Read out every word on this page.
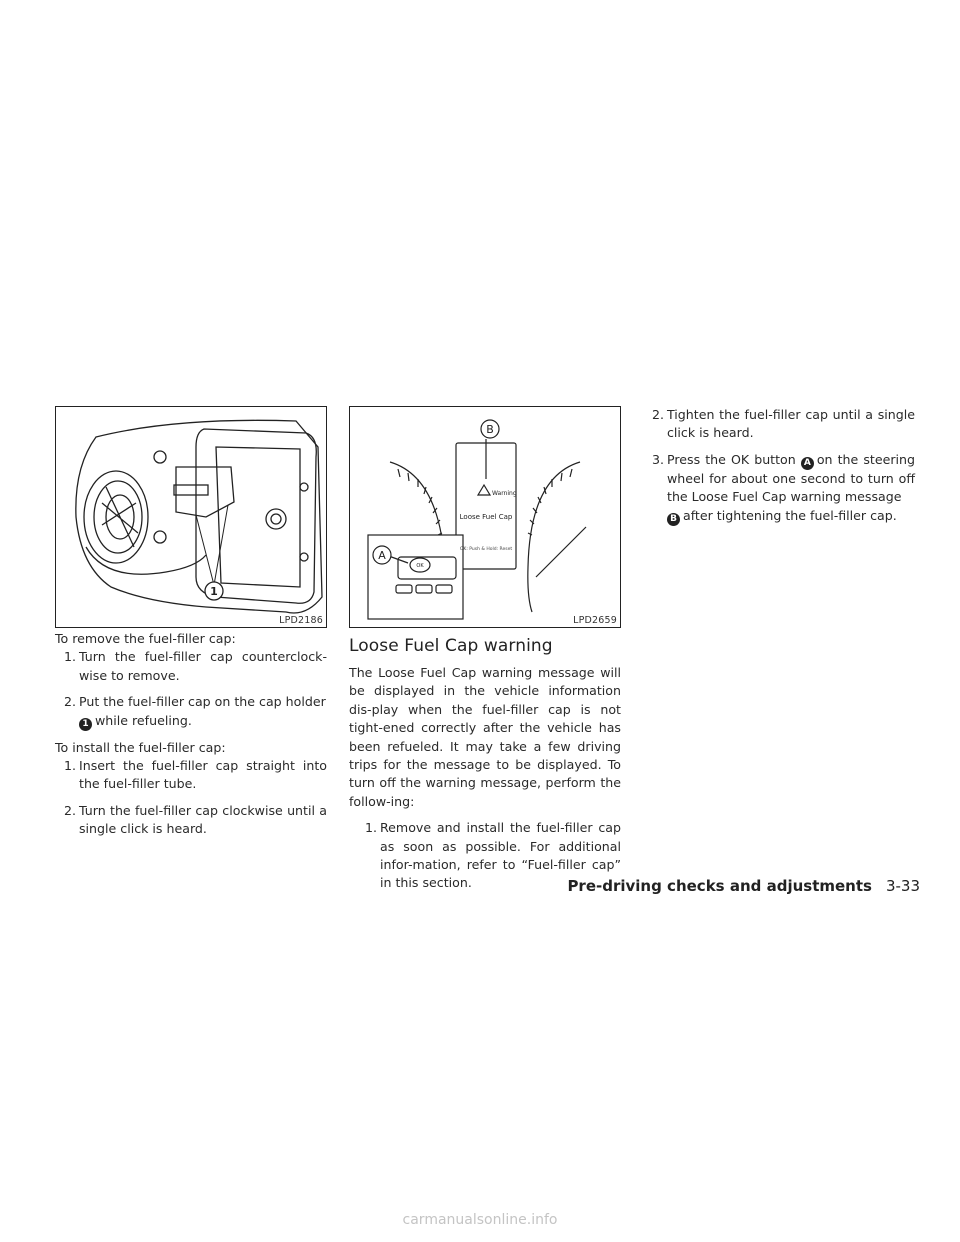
1
LPD2186

To remove the fuel-filler cap:

1. Turn the fuel-filler cap counterclock-wise to remove.
2. Put the fuel-filler cap on the cap holder
1 while refueling.

To install the fuel-filler cap:

1. Insert the fuel-filler cap straight into the fuel-filler tube.
2. Turn the fuel-filler cap clockwise until a single click is heard.
B
A
Warning
Loose Fuel Cap
OK: Push & Hold: Reset
OK
LPD2659
Loose Fuel Cap warning

The Loose Fuel Cap warning message will be displayed in the vehicle information dis-play when the fuel-filler cap is not tight-ened correctly after the vehicle has been refueled. It may take a few driving trips for the message to be displayed. To turn off the warning message, perform the follow-ing:

1. Remove and install the fuel-filler cap as soon as possible. For additional infor-mation, refer to “Fuel-filler cap” in this section.
2. Tighten the fuel-filler cap until a single click is heard.
3. Press the OK button A on the steering wheel for about one second to turn off the Loose Fuel Cap warning message
B after tightening the fuel-filler cap.
Pre-driving checks and adjustments 3-33
carmanualsonline.info
